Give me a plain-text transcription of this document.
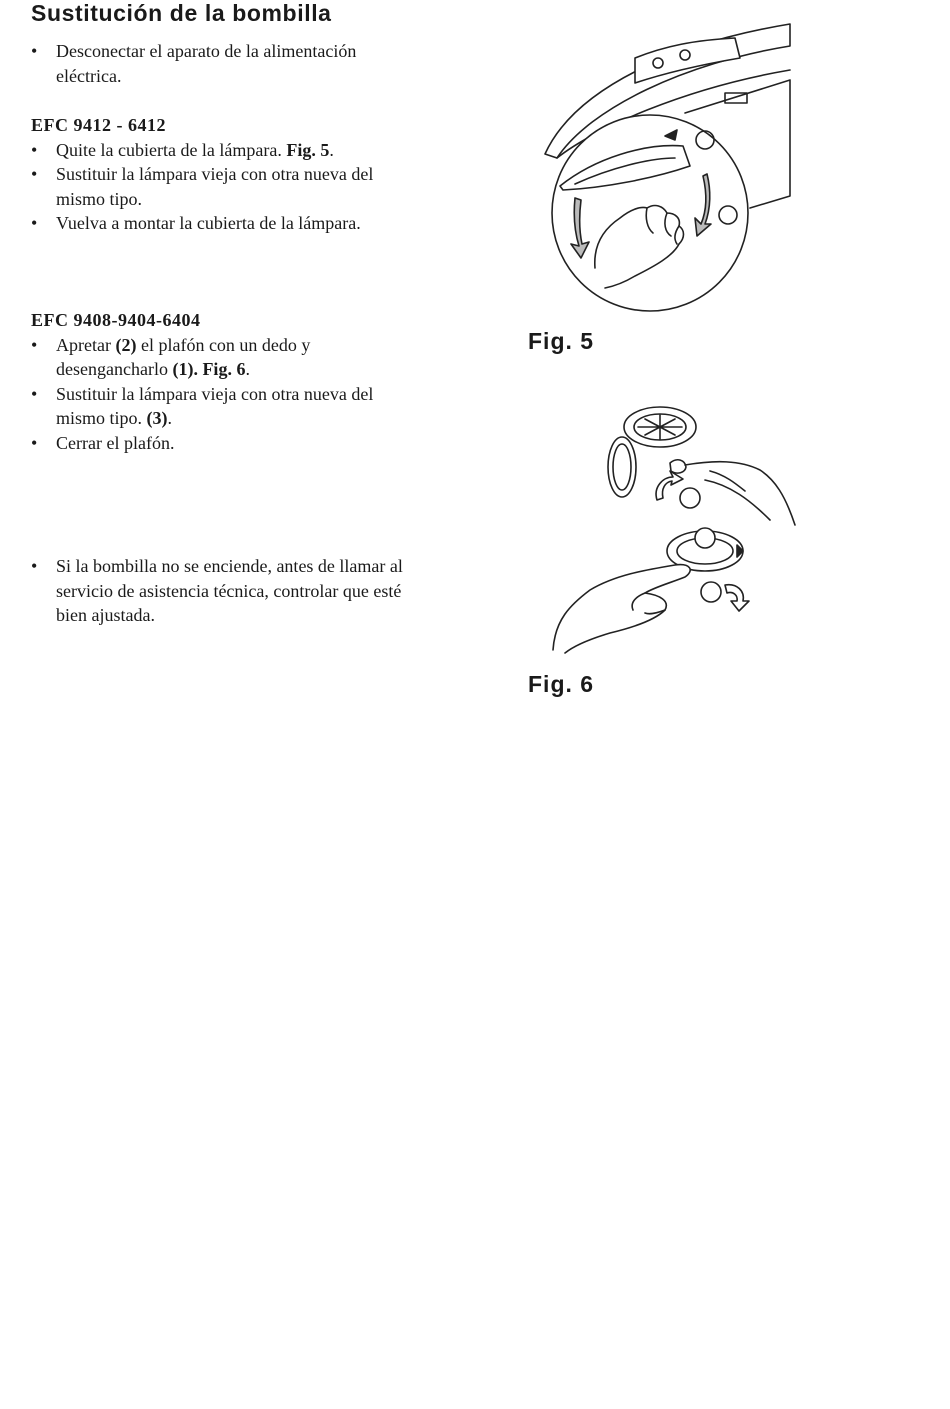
Sustitución de la bombilla
• Desconectar el aparato de la alimentación
eléctrica.
EFC 9412 - 6412
• Quite la cubierta de la lámpara. Fig. 5.
• Sustituir la lámpara vieja con otra nueva del
mismo tipo.
• Vuelva a montar la cubierta de la lámpara.
EFC 9408-9404-6404
• Apretar (2) el plafón con un dedo y
desengancharlo (1). Fig. 6.
• Sustituir la lámpara vieja con otra nueva del
mismo tipo. (3).
• Cerrar el plafón.
• Si la bombilla no se enciende, antes de llamar al
servicio de asistencia técnica, controlar que esté
bien ajustada.
Fig. 5
Fig. 6
